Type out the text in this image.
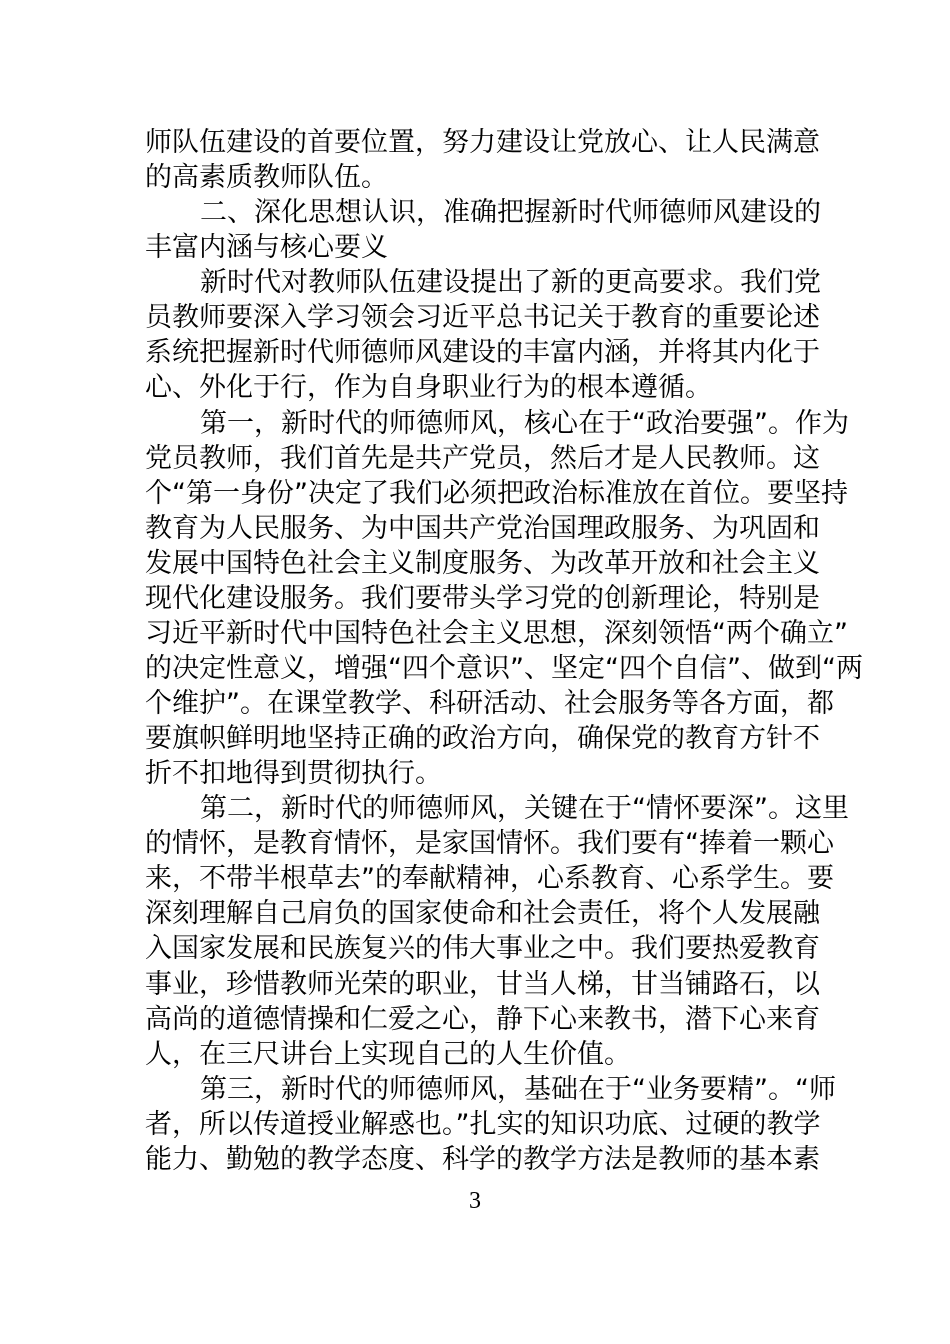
师队伍建设的首要位置，努力建设让党放心、让人民满意
的高素质教师队伍。
二、深化思想认识，准确把握新时代师德师风建设的
丰富内涵与核心要义
新时代对教师队伍建设提出了新的更高要求。我们党
员教师要深入学习领会习近平总书记关于教育的重要论述
系统把握新时代师德师风建设的丰富内涵，并将其内化于
心、外化于行，作为自身职业行为的根本遵循。
第一，新时代的师德师风，核心在于“政治要强”。作为
党员教师，我们首先是共产党员，然后才是人民教师。这
个“第一身份”决定了我们必须把政治标准放在首位。要坚持
教育为人民服务、为中国共产党治国理政服务、为巩固和
发展中国特色社会主义制度服务、为改革开放和社会主义
现代化建设服务。我们要带头学习党的创新理论，特别是
习近平新时代中国特色社会主义思想，深刻领悟“两个确立”
的决定性意义，增强“四个意识”、坚定“四个自信”、做到“两
个维护”。在课堂教学、科研活动、社会服务等各方面，都
要旗帜鲜明地坚持正确的政治方向，确保党的教育方针不
折不扣地得到贯彻执行。
第二，新时代的师德师风，关键在于“情怀要深”。这里
的情怀，是教育情怀，是家国情怀。我们要有“捧着一颗心
来，不带半根草去”的奉献精神，心系教育、心系学生。要
深刻理解自己肩负的国家使命和社会责任，将个人发展融
入国家发展和民族复兴的伟大事业之中。我们要热爱教育
事业，珍惜教师光荣的职业，甘当人梯，甘当铺路石，以
高尚的道德情操和仁爱之心，静下心来教书，潜下心来育
人，在三尺讲台上实现自己的人生价值。
第三，新时代的师德师风，基础在于“业务要精”。“师
者，所以传道授业解惑也。”扎实的知识功底、过硬的教学
能力、勤勉的教学态度、科学的教学方法是教师的基本素
3
